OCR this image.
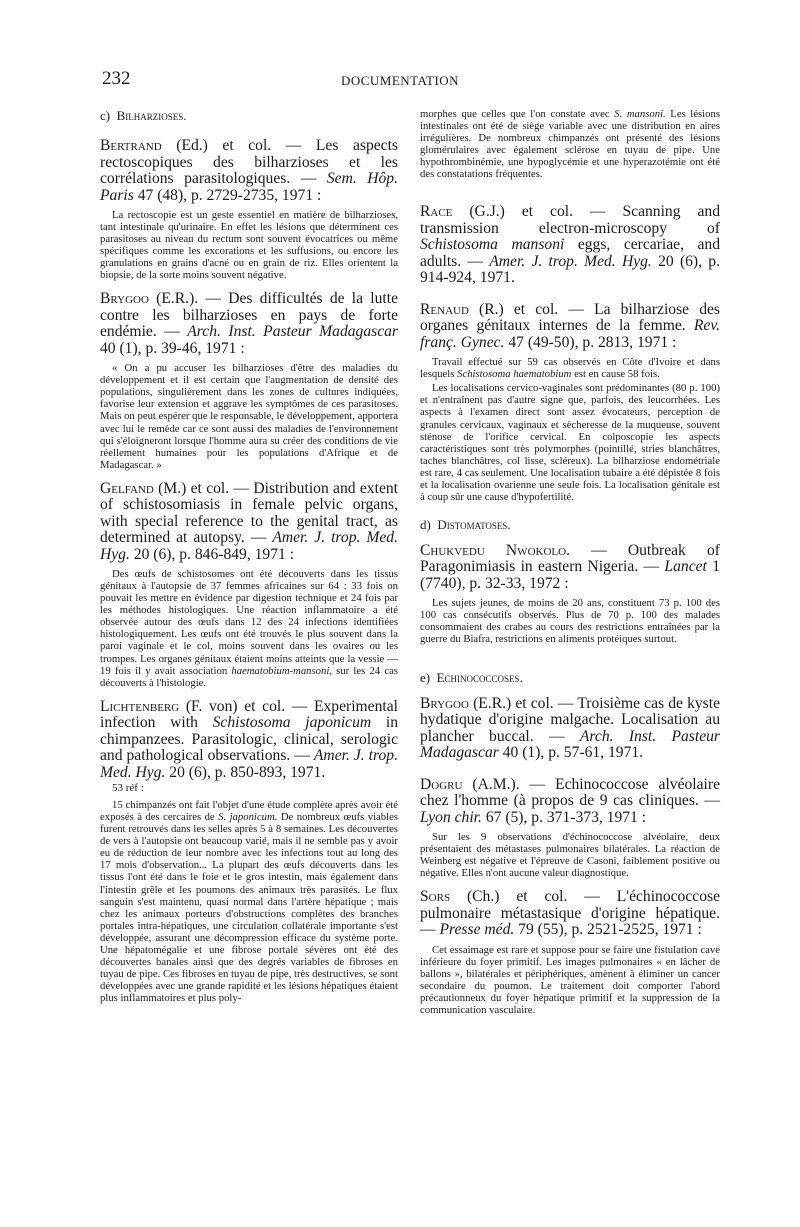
232	DOCUMENTATION

c) Bilharzioses.

Bertrand (Ed.) et col. — Les aspects rectoscopiques des bilharzioses et les corrélations parasitologiques. — Sem. Hôp. Paris 47 (48), p. 2729-2735, 1971 :

La rectoscopie est un geste essentiel en matière de bilharzioses, tant intestinale qu'urinaire. En effet les lésions que déterminent ces parasitoses au niveau du rectum sont souvent évocatrices ou même spécifiques comme les excorations et les suffusions, ou encore les granulations en grains d'acné ou en grain de riz. Elles orientent la biopsie, de la sorte moins souvent négative.

Brygoo (E.R.). — Des difficultés de la lutte contre les bilharzioses en pays de forte endémie. — Arch. Inst. Pasteur Madagascar 40 (1), p. 39-46, 1971 :

« On a pu accuser les bilharzioses d'être des maladies du développement et il est certain que l'augmentation de densité des populations, singulièrement dans les zones de cultures indiquées, favorise leur extension et aggrave les symptômes de ces parasitoses. Mais on peut espérer que le responsable, le développement, apportera avec lui le remède car ce sont aussi des maladies de l'environnement qui s'éloigneront lorsque l'homme aura su créer des conditions de vie réellement humaines pour les populations d'Afrique et de Madagascar. »

Gelfand (M.) et col. — Distribution and extent of schistosomiasis in female pelvic organs, with special reference to the genital tract, as determined at autopsy. — Amer. J. trop. Med. Hyg. 20 (6), p. 846-849, 1971 :

Des œufs de schistosomes ont été découverts dans les tissus génitaux à l'autopsie de 37 femmes africaines sur 64 : 33 fois on pouvait les mettre en évidence par digestion technique et 24 fois par les méthodes histologiques. Une réaction inflammatoire a été observée autour des œufs dans 12 des 24 infections identifiées histologiquement. Les œufs ont été trouvés le plus souvent dans la paroi vaginale et le col, moins souvent dans les ovaires ou les trompes. Les organes génitaux étaient moins atteints que la vessie — 19 fois il y avait association haematobium-mansoni, sur les 24 cas découverts à l'histologie.

Lichtenberg (F. von) et col. — Experimental infection with Schistosoma japonicum in chimpanzees. Parasitologic, clinical, serologic and pathological observations. — Amer. J. trop. Med. Hyg. 20 (6), p. 850-893, 1971.

53 réf :

15 chimpanzés ont fait l'objet d'une étude complète après avoir été exposés à des cercaires de S. japonicum. De nombreux œufs viables furent retrouvés dans les selles après 5 à 8 semaines. Les découvertes de vers à l'autopsie ont beaucoup varié, mais il ne semble pas y avoir eu de réduction de leur nombre avec les infections tout au long des 17 mois d'observation... La plupart des œufs découverts dans les tissus l'ont été dans le foie et le gros intestin, mais également dans l'intestin grêle et les poumons des animaux très parasités. Le flux sanguin s'est maintenu, quasi normal dans l'artère hépatique ; mais chez les animaux porteurs d'obstructions complètes des branches portales intra-hépatiques, une circulation collatérale importante s'est développée, assurant une décompression efficace du système porte. Une hépatomégalie et une fibrose portale sévères ont été des découvertes banales ainsi que des degrés variables de fibroses en tuyau de pipe. Ces fibroses en tuyau de pipe, très destructives, se sont développées avec une grande rapidité et les lésions hépatiques étaient plus inflammatoires et plus poly-

morphes que celles que l'on constate avec S. mansoni. Les lésions intestinales ont été de siège variable avec une distribution en aires irrégulières. De nombreux chimpanzés ont présenté des lésions glomérulaires avec également sclérose en tuyau de pipe. Une hypothrombinémie, une hypoglycémie et une hyperazotémie ont été des constatations fréquentes.

Race (G.J.) et col. — Scanning and transmission electron-microscopy of Schistosoma mansoni eggs, cercariae, and adults. — Amer. J. trop. Med. Hyg. 20 (6), p. 914-924, 1971.

Renaud (R.) et col. — La bilharziose des organes génitaux internes de la femme. Rev. franç. Gynec. 47 (49-50), p. 2813, 1971 :

Travail effectué sur 59 cas observés en Côte d'Ivoire et dans lesquels Schistosoma haematobium est en cause 58 fois.

Les localisations cervico-vaginales sont prédominantes (80 p. 100) et n'entraînent pas d'autre signe que, parfois, des leucorrhées. Les aspects à l'examen direct sont assez évocateurs, perception de granules cervicaux, vaginaux et sècheresse de la muqueuse, souvent sténose de l'orifice cervical. En colposcopie les aspects caractéristiques sont très polymorphes (pointillé, stries blanchâtres, taches blanchâtres, col lisse, scléreux). La bilharziose endométriale est rare, 4 cas seulement. Une localisation tubaire a été dépistée 8 fois et la localisation ovarienne une seule fois. La localisation génitale est à coup sûr une cause d'hypofertilité.

d) Distomatoses.

Chukvedu Nwokolo. — Outbreak of Paragonimiasis in eastern Nigeria. — Lancet 1 (7740), p. 32-33, 1972 :

Les sujets jeunes, de moins de 20 ans, constituent 73 p. 100 des 100 cas consécutifs observés. Plus de 70 p. 100 des malades consommaient des crabes au cours des restrictions entraînées par la guerre du Biafra, restrictions en aliments protéiques surtout.

e) Echinococcoses.

Brygoo (E.R.) et col. — Troisième cas de kyste hydatique d'origine malgache. Localisation au plancher buccal. — Arch. Inst. Pasteur Madagascar 40 (1), p. 57-61, 1971.

Dogru (A.M.). — Echinococcose alvéolaire chez l'homme (à propos de 9 cas cliniques. — Lyon chir. 67 (5), p. 371-373, 1971 :

Sur les 9 observations d'échinococcose alvéolaire, deux présentaient des métastases pulmonaires bilatérales. La réaction de Weinberg est négative et l'épreuve de Casoni, faiblement positive ou négative. Elles n'ont aucune valeur diagnostique.

Sors (Ch.) et col. — L'échinococcose pulmonaire métastasique d'origine hépatique. — Presse méd. 79 (55), p. 2521-2525, 1971 :

Cet essaimage est rare et suppose pour se faire une fistulation cave inférieure du foyer primitif. Les images pulmonaires « en lâcher de ballons », bilatérales et périphériques, amènent à éliminer un cancer secondaire du poumon. Le traitement doit comporter l'abord précautionneux du foyer hépatique primitif et la suppression de la communication vasculaire.
